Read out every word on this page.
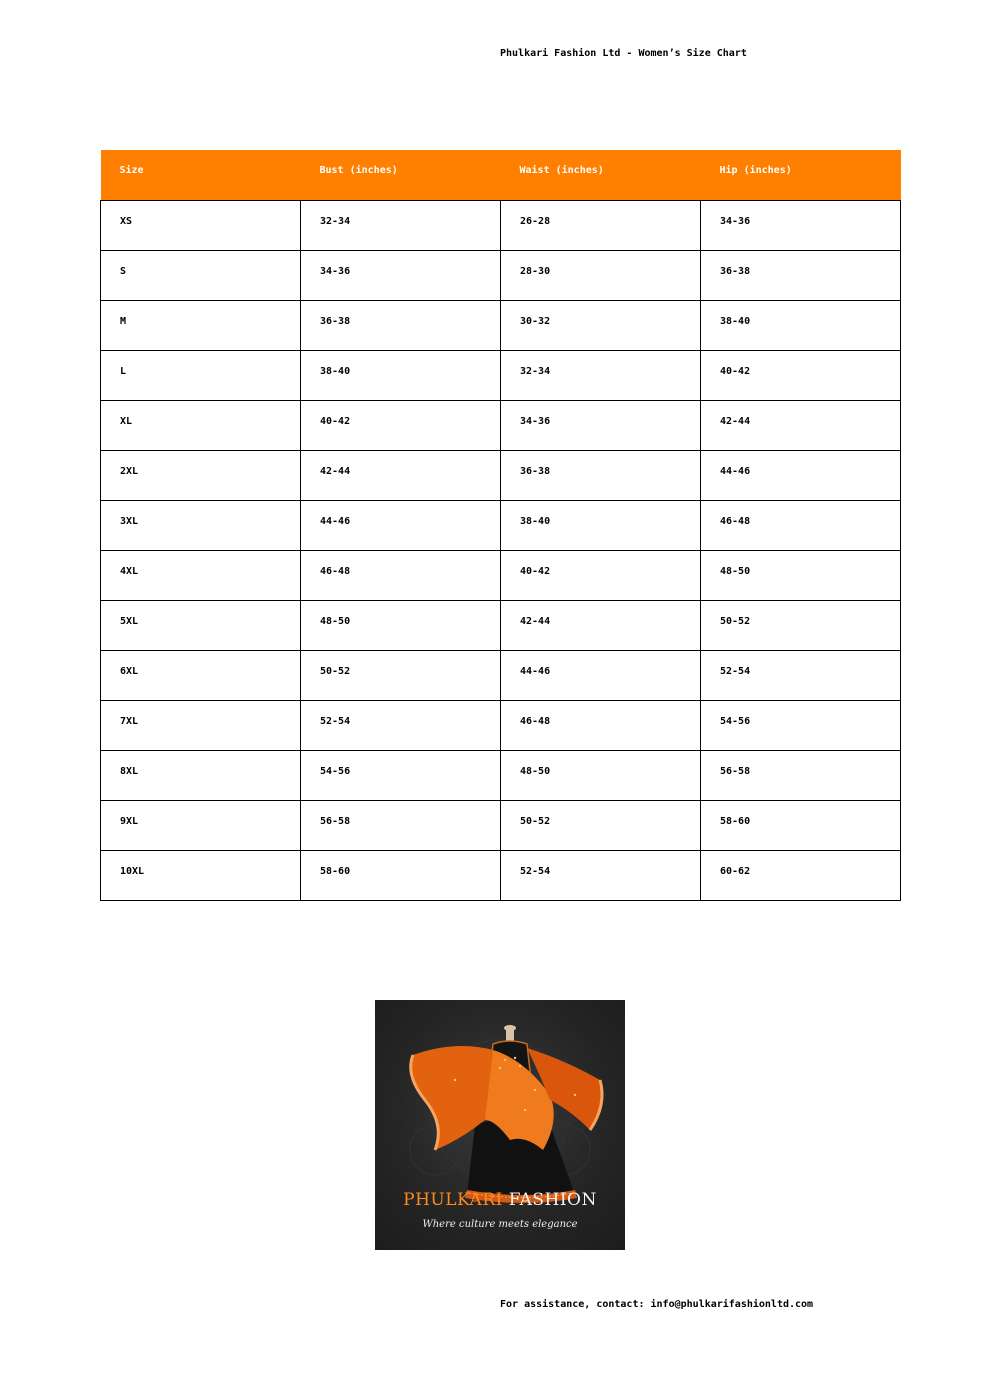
Phulkari Fashion Ltd - Women’s Size Chart
Size	Bust (inches)	Waist (inches)	Hip (inches)
XS	32-34	26-28	34-36
S	34-36	28-30	36-38
M	36-38	30-32	38-40
L	38-40	32-34	40-42
XL	40-42	34-36	42-44
2XL	42-44	36-38	44-46
3XL	44-46	38-40	46-48
4XL	46-48	40-42	48-50
5XL	48-50	42-44	50-52
6XL	50-52	44-46	52-54
7XL	52-54	46-48	54-56
8XL	54-56	48-50	56-58
9XL	56-58	50-52	58-60
10XL	58-60	52-54	60-62
PHULKARI FASHION
Where culture meets elegance
For assistance, contact: info@phulkarifashionltd.com
